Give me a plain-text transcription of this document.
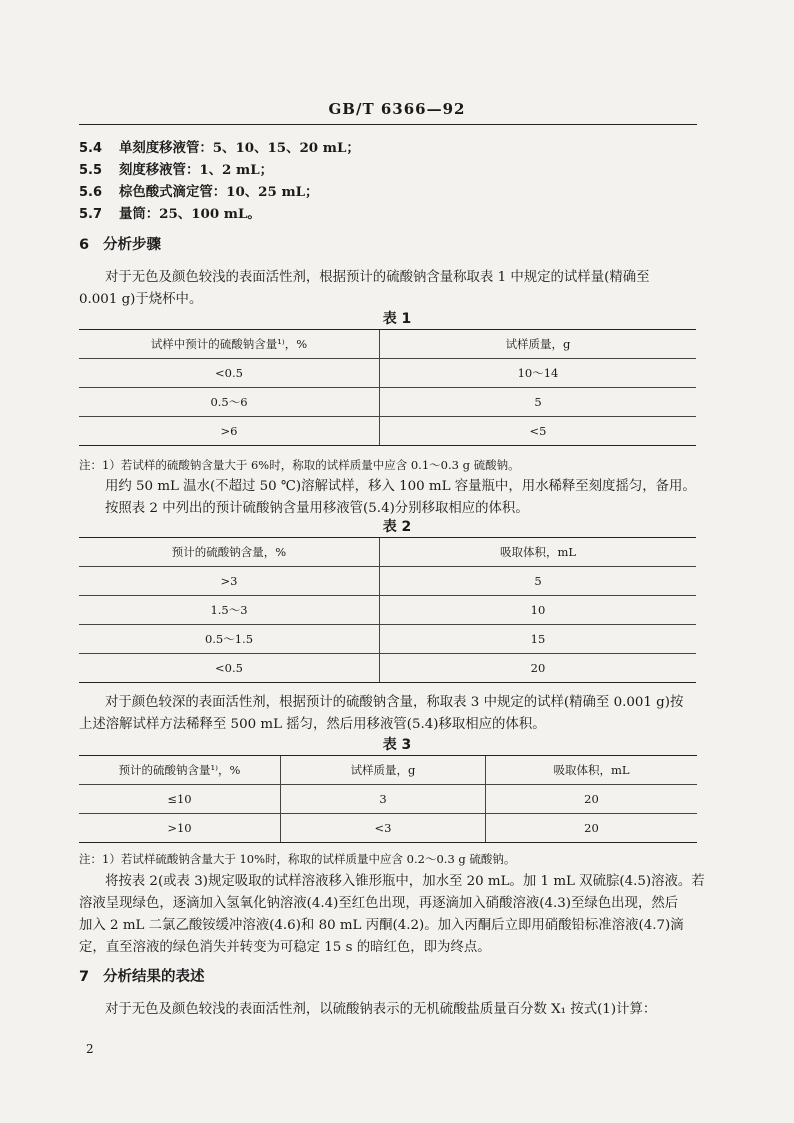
GB/T 6366—92
5.4 单刻度移液管：5、10、15、20 mL；
5.5 刻度移液管：1、2 mL；
5.6 棕色酸式滴定管：10、25 mL；
5.7 量筒：25、100 mL。
6 分析步骤
对于无色及颜色较浅的表面活性剂，根据预计的硫酸钠含量称取表 1 中规定的试样量(精确至
0.001 g)于烧杯中。
表 1
试样中预计的硫酸钠含量¹⁾，%	试样质量，g
<0.5	10～14
0.5～6	5
>6	<5
注：1）若试样的硫酸钠含量大于 6%时，称取的试样质量中应含 0.1～0.3 g 硫酸钠。
用约 50 mL 温水(不超过 50 ℃)溶解试样，移入 100 mL 容量瓶中，用水稀释至刻度摇匀，备用。
按照表 2 中列出的预计硫酸钠含量用移液管(5.4)分别移取相应的体积。
表 2
预计的硫酸钠含量，%	吸取体积，mL
>3	5
1.5～3	10
0.5～1.5	15
<0.5	20
对于颜色较深的表面活性剂，根据预计的硫酸钠含量，称取表 3 中规定的试样(精确至 0.001 g)按
上述溶解试样方法稀释至 500 mL 摇匀，然后用移液管(5.4)移取相应的体积。
表 3
预计的硫酸钠含量¹⁾，%	试样质量，g	吸取体积，mL
≤10	3	20
>10	<3	20
注：1）若试样硫酸钠含量大于 10%时，称取的试样质量中应含 0.2～0.3 g 硫酸钠。
将按表 2(或表 3)规定吸取的试样溶液移入锥形瓶中，加水至 20 mL。加 1 mL 双硫腙(4.5)溶液。若
溶液呈现绿色，逐滴加入氢氧化钠溶液(4.4)至红色出现，再逐滴加入硝酸溶液(4.3)至绿色出现，然后
加入 2 mL 二氯乙酸铵缓冲溶液(4.6)和 80 mL 丙酮(4.2)。加入丙酮后立即用硝酸铅标准溶液(4.7)滴
定，直至溶液的绿色消失并转变为可稳定 15 s 的暗红色，即为终点。
7 分析结果的表述
对于无色及颜色较浅的表面活性剂，以硫酸钠表示的无机硫酸盐质量百分数 X₁ 按式(1)计算：
2
